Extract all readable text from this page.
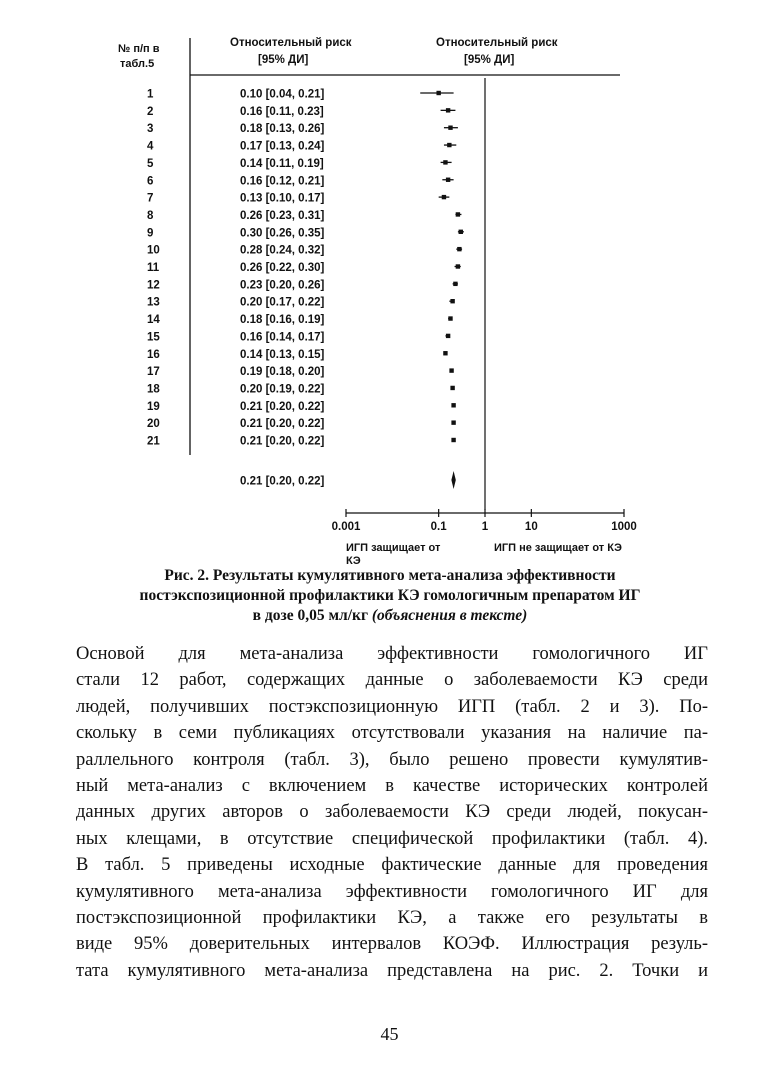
№ п/п в
табл.5
Относительный риск
[95% ДИ]
Относительный риск
[95% ДИ]
1	0.10 [0.04, 0.21]
2	0.16 [0.11, 0.23]
3	0.18 [0.13, 0.26]
4	0.17 [0.13, 0.24]
5	0.14 [0.11, 0.19]
6	0.16 [0.12, 0.21]
7	0.13 [0.10, 0.17]
8	0.26 [0.23, 0.31]
9	0.30 [0.26, 0.35]
10	0.28 [0.24, 0.32]
11	0.26 [0.22, 0.30]
12	0.23 [0.20, 0.26]
13	0.20 [0.17, 0.22]
14	0.18 [0.16, 0.19]
15	0.16 [0.14, 0.17]
16	0.14 [0.13, 0.15]
17	0.19 [0.18, 0.20]
18	0.20 [0.19, 0.22]
19	0.21 [0.20, 0.22]
20	0.21 [0.20, 0.22]
21	0.21 [0.20, 0.22]
0.21 [0.20, 0.22]
0.001	0.1	1	10	1000
ИГП защищает от
КЭ
ИГП не защищает от КЭ
Рис. 2. Результаты кумулятивного мета-анализа эффективности
постэкспозиционной профилактики КЭ гомологичным препаратом ИГ
в дозе 0,05 мл/кг (объяснения в тексте)
Основой для мета-анализа эффективности гомологичного ИГ
стали 12 работ, содержащих данные о заболеваемости КЭ среди
людей, получивших постэкспозиционную ИГП (табл. 2 и 3). По-
скольку в семи публикациях отсутствовали указания на наличие па-
раллельного контроля (табл. 3), было решено провести кумулятив-
ный мета-анализ с включением в качестве исторических контролей
данных других авторов о заболеваемости КЭ среди людей, покусан-
ных клещами, в отсутствие специфической профилактики (табл. 4).
В табл. 5 приведены исходные фактические данные для проведения
кумулятивного мета-анализа эффективности гомологичного ИГ для
постэкспозиционной профилактики КЭ, а также его результаты в
виде 95% доверительных интервалов КОЭФ. Иллюстрация резуль-
тата кумулятивного мета-анализа представлена на рис. 2. Точки и
45
